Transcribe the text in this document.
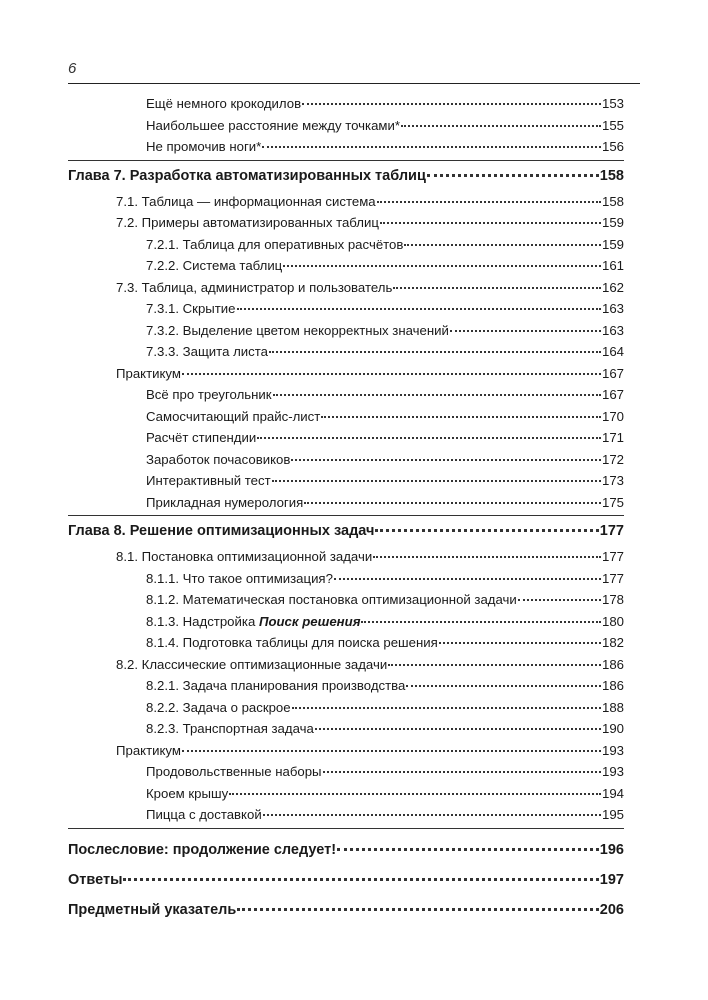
6
Ещё немного крокодилов	153
Наибольшее расстояние между точками*	155
Не промочив ноги*	156
Глава 7. Разработка автоматизированных таблиц	158
7.1. Таблица — информационная система	158
7.2. Примеры автоматизированных таблиц	159
7.2.1. Таблица для оперативных расчётов	159
7.2.2. Система таблиц	161
7.3. Таблица, администратор и пользователь	162
7.3.1. Скрытие	163
7.3.2. Выделение цветом некорректных значений	163
7.3.3. Защита листа	164
Практикум	167
Всё про треугольник	167
Самосчитающий прайс-лист	170
Расчёт стипендии	171
Заработок почасовиков	172
Интерактивный тест	173
Прикладная нумерология	175
Глава 8. Решение оптимизационных задач	177
8.1. Постановка оптимизационной задачи	177
8.1.1. Что такое оптимизация?	177
8.1.2. Математическая постановка оптимизационной задачи	178
8.1.3. Надстройка Поиск решения	180
8.1.4. Подготовка таблицы для поиска решения	182
8.2. Классические оптимизационные задачи	186
8.2.1. Задача планирования производства	186
8.2.2. Задача о раскрое	188
8.2.3. Транспортная задача	190
Практикум	193
Продовольственные наборы	193
Кроем крышу	194
Пицца с доставкой	195
Послесловие: продолжение следует!	196
Ответы	197
Предметный указатель	206
